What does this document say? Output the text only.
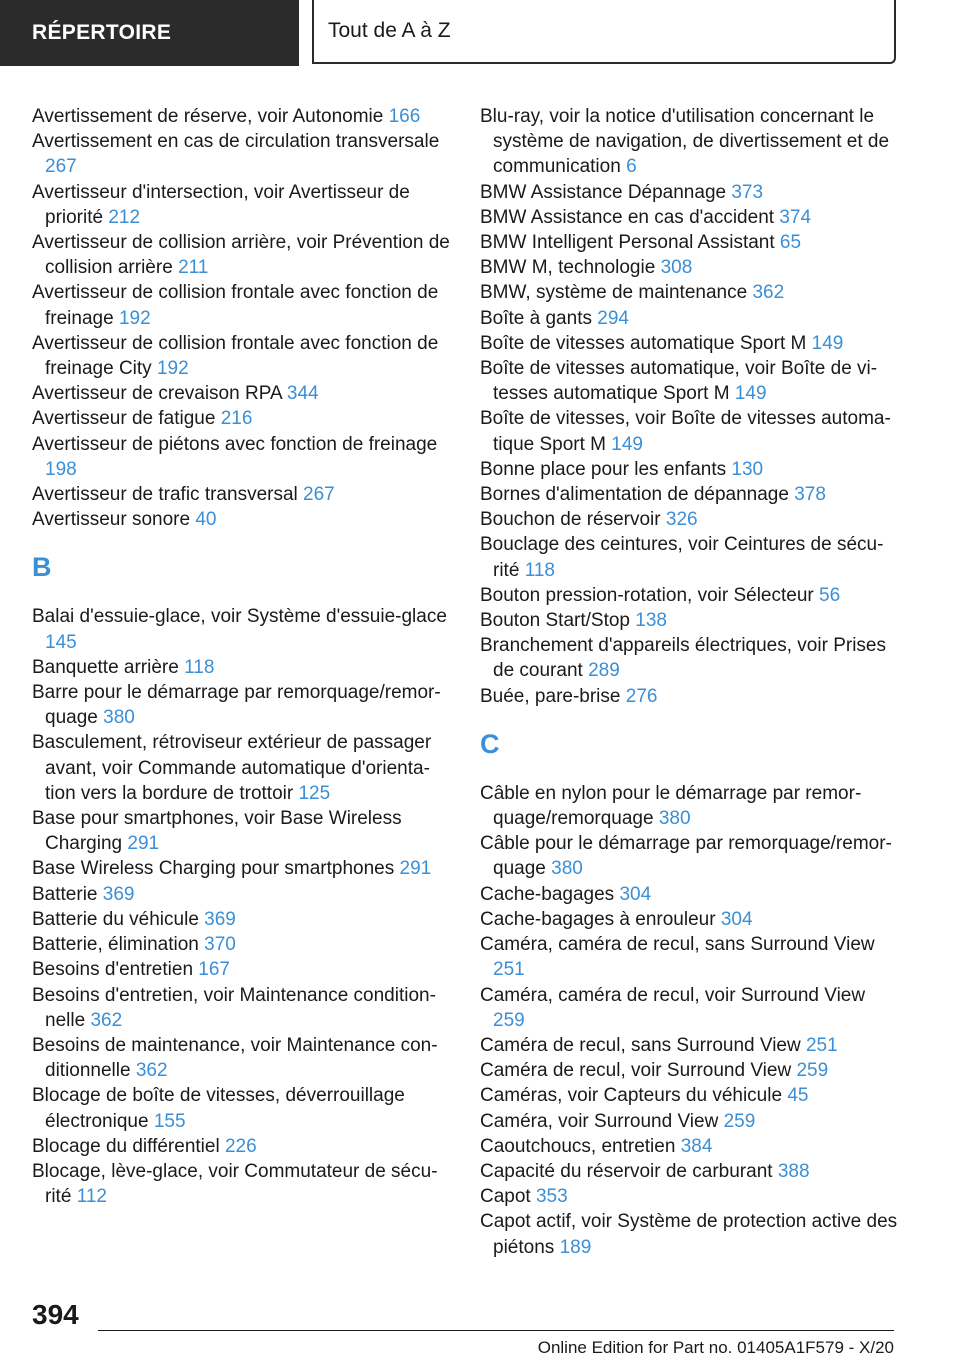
RÉPERTOIRE	Tout de A à Z
Avertissement de réserve, voir Autonomie 166
Avertissement en cas de circulation transversale 267
Avertisseur d'intersection, voir Avertisseur de priorité 212
Avertisseur de collision arrière, voir Prévention de collision arrière 211
Avertisseur de collision frontale avec fonction de freinage 192
Avertisseur de collision frontale avec fonction de freinage City 192
Avertisseur de crevaison RPA 344
Avertisseur de fatigue 216
Avertisseur de piétons avec fonction de freinage 198
Avertisseur de trafic transversal 267
Avertisseur sonore 40
B
Balai d'essuie-glace, voir Système d'essuie-glace 145
Banquette arrière 118
Barre pour le démarrage par remorquage/remorquage 380
Basculement, rétroviseur extérieur de passager avant, voir Commande automatique d'orientation vers la bordure de trottoir 125
Base pour smartphones, voir Base Wireless Charging 291
Base Wireless Charging pour smartphones 291
Batterie 369
Batterie du véhicule 369
Batterie, élimination 370
Besoins d'entretien 167
Besoins d'entretien, voir Maintenance conditionnelle 362
Besoins de maintenance, voir Maintenance conditionnelle 362
Blocage de boîte de vitesses, déverrouillage électronique 155
Blocage du différentiel 226
Blocage, lève-glace, voir Commutateur de sécurité 112
Blu-ray, voir la notice d'utilisation concernant le système de navigation, de divertissement et de communication 6
BMW Assistance Dépannage 373
BMW Assistance en cas d'accident 374
BMW Intelligent Personal Assistant 65
BMW M, technologie 308
BMW, système de maintenance 362
Boîte à gants 294
Boîte de vitesses automatique Sport M 149
Boîte de vitesses automatique, voir Boîte de vitesses automatique Sport M 149
Boîte de vitesses, voir Boîte de vitesses automatique Sport M 149
Bonne place pour les enfants 130
Bornes d'alimentation de dépannage 378
Bouchon de réservoir 326
Bouclage des ceintures, voir Ceintures de sécurité 118
Bouton pression-rotation, voir Sélecteur 56
Bouton Start/Stop 138
Branchement d'appareils électriques, voir Prises de courant 289
Buée, pare-brise 276
C
Câble en nylon pour le démarrage par remorquage/remorquage 380
Câble pour le démarrage par remorquage/remorquage 380
Cache-bagages 304
Cache-bagages à enrouleur 304
Caméra, caméra de recul, sans Surround View 251
Caméra, caméra de recul, voir Surround View 259
Caméra de recul, sans Surround View 251
Caméra de recul, voir Surround View 259
Caméras, voir Capteurs du véhicule 45
Caméra, voir Surround View 259
Caoutchoucs, entretien 384
Capacité du réservoir de carburant 388
Capot 353
Capot actif, voir Système de protection active des piétons 189
394
Online Edition for Part no. 01405A1F579 - X/20
